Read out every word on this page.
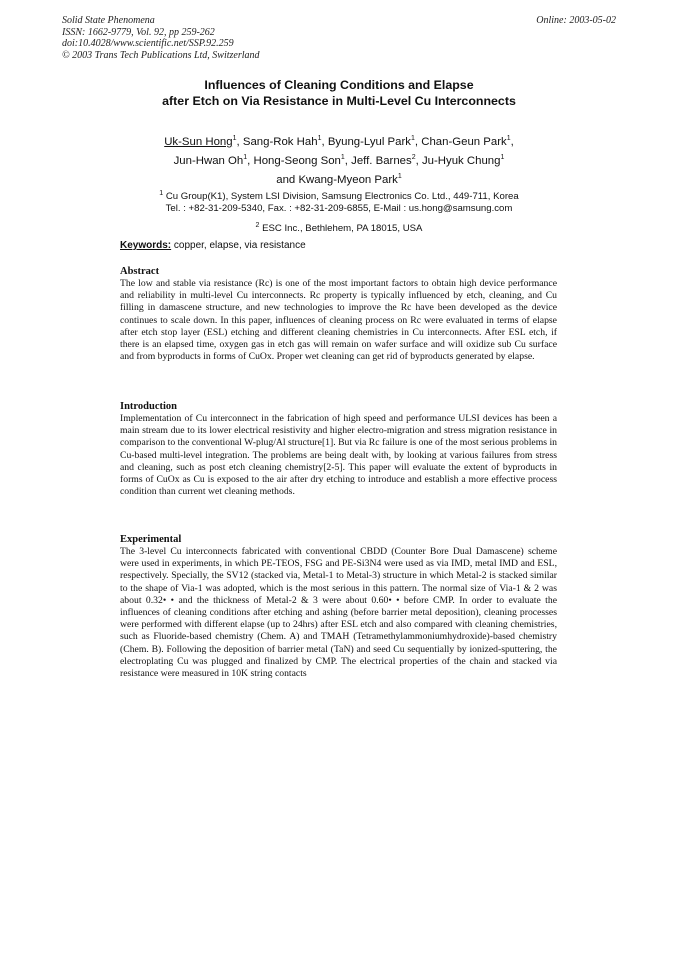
Solid State Phenomena
ISSN: 1662-9779, Vol. 92, pp 259-262
doi:10.4028/www.scientific.net/SSP.92.259
© 2003 Trans Tech Publications Ltd, Switzerland
Online: 2003-05-02
Influences of Cleaning Conditions and Elapse
after Etch on Via Resistance in Multi-Level Cu Interconnects
Uk-Sun Hong$^1$, Sang-Rok Hah$^1$, Byung-Lyul Park$^1$, Chan-Geun Park$^1$,
Jun-Hwan Oh$^1$, Hong-Seong Son$^1$, Jeff. Barnes$^2$, Ju-Hyuk Chung$^1$
and Kwang-Myeon Park$^1$
$^1$ Cu Group(K1), System LSI Division, Samsung Electronics Co. Ltd., 449-711, Korea
Tel. : +82-31-209-5340, Fax. : +82-31-209-6855, E-Mail : us.hong@samsung.com
$^2$ ESC Inc., Bethlehem, PA 18015, USA
Keywords: copper, elapse, via resistance
Abstract

The low and stable via resistance (Rc) is one of the most important factors to obtain high device performance and reliability in multi-level Cu interconnects. Rc property is typically influenced by etch, cleaning, and Cu filling in damascene structure, and new technologies to improve the Rc have been developed as the device continues to scale down. In this paper, influences of cleaning process on Rc were evaluated in terms of elapse after etch stop layer (ESL) etching and different cleaning chemistries in Cu interconnects. After ESL etch, if there is an elapsed time, oxygen gas in etch gas will remain on wafer surface and will oxidize sub Cu surface and from byproducts in forms of CuOx. Proper wet cleaning can get rid of byproducts generated by elapse.

Introduction

Implementation of Cu interconnect in the fabrication of high speed and performance ULSI devices has been a main stream due to its lower electrical resistivity and higher electro-migration and stress migration resistance in comparison to the conventional W-plug/Al structure[1]. But via Rc failure is one of the most serious problems in Cu-based multi-level integration. The problems are being dealt with, by looking at various failures from stress and cleaning, such as post etch cleaning chemistry[2-5]. This paper will evaluate the extent of byproducts in forms of CuOx as Cu is exposed to the air after dry etching to introduce and establish a more effective process condition than current wet cleaning methods.

Experimental

The 3-level Cu interconnects fabricated with conventional CBDD (Counter Bore Dual Damascene) scheme were used in experiments, in which PE-TEOS, FSG and PE-Si3N4 were used as via IMD, metal IMD and ESL, respectively. Specially, the SV12 (stacked via, Metal-1 to Metal-3) structure in which Metal-2 is stacked similar to the shape of Via-1 was adopted, which is the most serious in this pattern. The normal size of Via-1 & 2 was about 0.32• • and the thickness of Metal-2 & 3 were about 0.60• • before CMP. In order to evaluate the influences of cleaning conditions after etching and ashing (before barrier metal deposition), cleaning processes were performed with different elapse (up to 24hrs) after ESL etch and also compared with cleaning chemistries, such as Fluoride-based chemistry (Chem. A) and TMAH (Tetramethylammoniumhydroxide)-based chemistry (Chem. B). Following the deposition of barrier metal (TaN) and seed Cu sequentially by ionized-sputtering, the electroplating Cu was plugged and finalized by CMP. The electrical properties of the chain and stacked via resistance were measured in 10K string contacts
